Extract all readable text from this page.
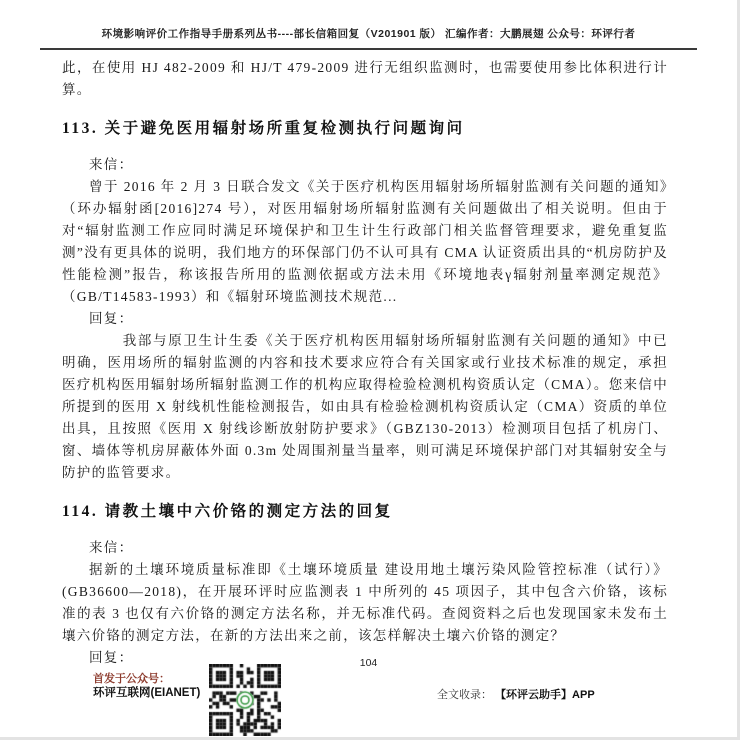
环境影响评价工作指导手册系列丛书----部长信箱回复（V201901 版） 汇编作者：大鹏展翅 公众号：环评行者

此，在使用 HJ 482-2009 和 HJ/T 479-2009 进行无组织监测时，也需要使用参比体积进行计算。

113. 关于避免医用辐射场所重复检测执行问题询问

来信：

曾于 2016 年 2 月 3 日联合发文《关于医疗机构医用辐射场所辐射监测有关问题的通知》（环办辐射函[2016]274 号），对医用辐射场所辐射监测有关问题做出了相关说明。但由于对“辐射监测工作应同时满足环境保护和卫生计生行政部门相关监督管理要求，避免重复监测”没有更具体的说明，我们地方的环保部门仍不认可具有 CMA 认证资质出具的“机房防护及性能检测”报告，称该报告所用的监测依据或方法未用《环境地表γ辐射剂量率测定规范》（GB/T14583-1993）和《辐射环境监测技术规范...

回复：

我部与原卫生计生委《关于医疗机构医用辐射场所辐射监测有关问题的通知》中已明确，医用场所的辐射监测的内容和技术要求应符合有关国家或行业技术标准的规定，承担医疗机构医用辐射场所辐射监测工作的机构应取得检验检测机构资质认定（CMA）。您来信中所提到的医用 X 射线机性能检测报告，如由具有检验检测机构资质认定（CMA）资质的单位出具，且按照《医用 X 射线诊断放射防护要求》（GBZ130-2013）检测项目包括了机房门、窗、墙体等机房屏蔽体外面 0.3m 处周围剂量当量率，则可满足环境保护部门对其辐射安全与防护的监管要求。

114. 请教土壤中六价铬的测定方法的回复

来信：

据新的土壤环境质量标准即《土壤环境质量 建设用地土壤污染风险管控标准（试行）》(GB36600—2018)，在开展环评时应监测表 1 中所列的 45 项因子，其中包含六价铬，该标准的表 3 也仅有六价铬的测定方法名称，并无标准代码。查阅资料之后也发现国家未发布土壤六价铬的测定方法，在新的方法出来之前，该怎样解决土壤六价铬的测定？

回复：	104
首发于公众号：
环评互联网(EIANET)	全文收录： 【环评云助手】APP
